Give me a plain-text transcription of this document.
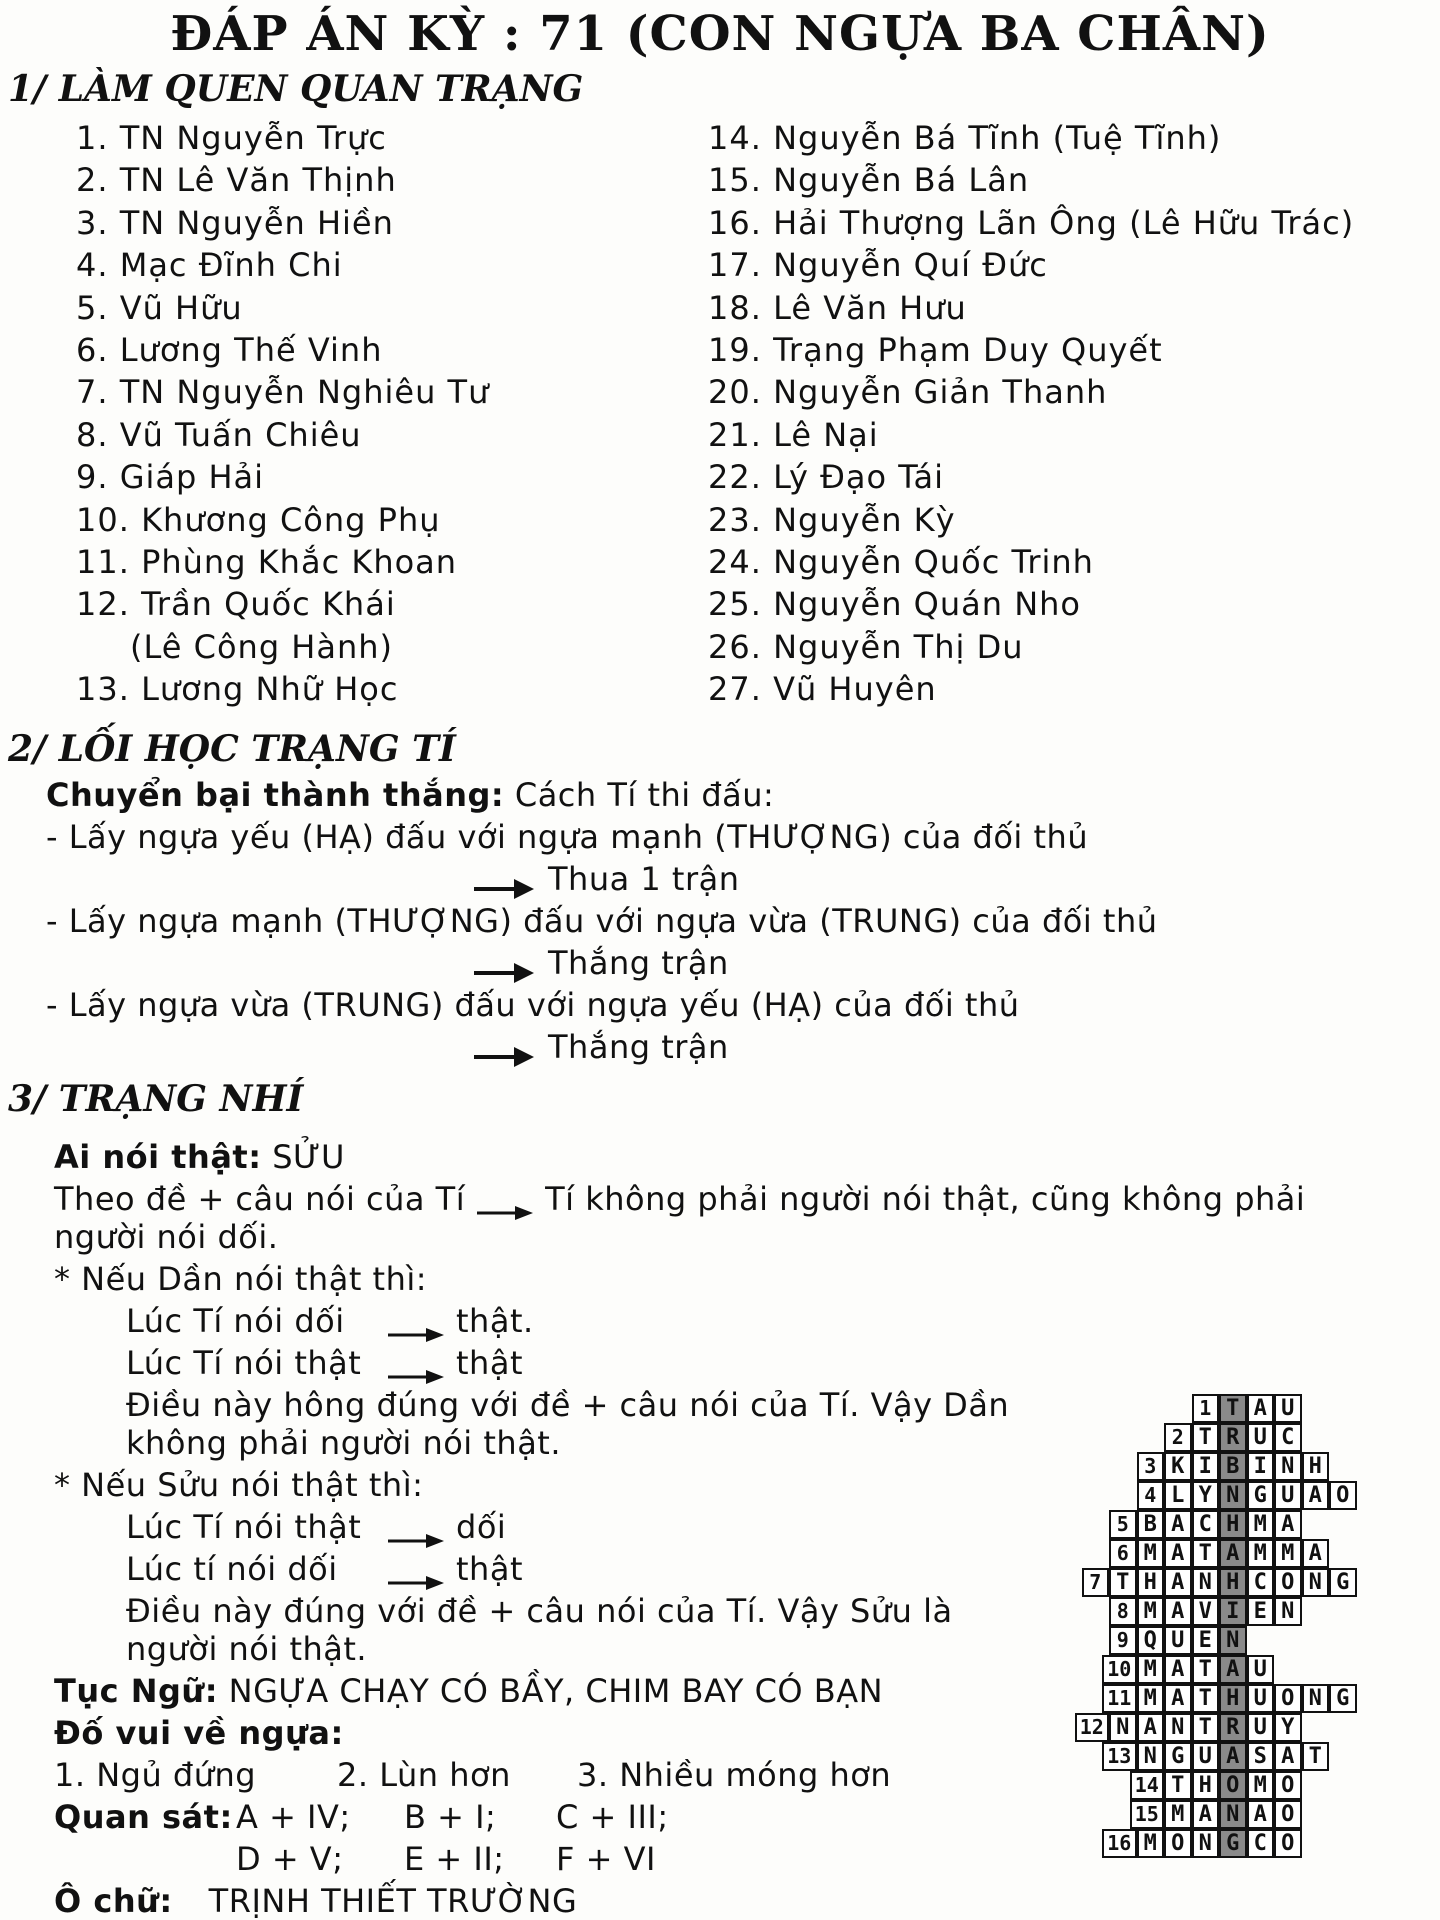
ĐÁP ÁN KỲ : 71 (CON NGỰA BA CHÂN)
1/ LÀM QUEN QUAN TRẠNG
1. TN Nguyễn Trực
2. TN Lê Văn Thịnh
3. TN Nguyễn Hiền
4. Mạc Đĩnh Chi
5. Vũ Hữu
6. Lương Thế Vinh
7. TN Nguyễn Nghiêu Tư
8. Vũ Tuấn Chiêu
9. Giáp Hải
10. Khương Công Phụ
11. Phùng Khắc Khoan
12. Trần Quốc Khái
(Lê Công Hành)
13. Lương Nhữ Học
14. Nguyễn Bá Tĩnh (Tuệ Tĩnh)
15. Nguyễn Bá Lân
16. Hải Thượng Lãn Ông (Lê Hữu Trác)
17. Nguyễn Quí Đức
18. Lê Văn Hưu
19. Trạng Phạm Duy Quyết
20. Nguyễn Giản Thanh
21. Lê Nại
22. Lý Đạo Tái
23. Nguyễn Kỳ
24. Nguyễn Quốc Trinh
25. Nguyễn Quán Nho
26. Nguyễn Thị Du
27. Vũ Huyên
2/ LỐI HỌC TRẠNG TÍ
Chuyển bại thành thắng: Cách Tí thi đấu:
- Lấy ngựa yếu (HẠ) đấu với ngựa mạnh (THƯỢNG) của đối thủ
Thua 1 trận
- Lấy ngựa mạnh (THƯỢNG) đấu với ngựa vừa (TRUNG) của đối thủ
Thắng trận
- Lấy ngựa vừa (TRUNG) đấu với ngựa yếu (HẠ) của đối thủ
Thắng trận
3/ TRẠNG NHÍ
Ai nói thật: SỬU
Theo đề + câu nói của Tí	Tí không phải người nói thật, cũng không phải
người nói dối.
* Nếu Dần nói thật thì:
Lúc Tí nói dối	thật.
Lúc Tí nói thật	thật
Điều này hông đúng với đề + câu nói của Tí. Vậy Dần
không phải người nói thật.
* Nếu Sửu nói thật thì:
Lúc Tí nói thật	dối
Lúc tí nói dối	thật
Điều này đúng với đề + câu nói của Tí. Vậy Sửu là
người nói thật.
Tục Ngữ: NGỰA CHẠY CÓ BẦY, CHIM BAY CÓ BẠN
Đố vui về ngựa:
1. Ngủ đứng	2. Lùn hơn 3. Nhiều móng hơn
Quan sát: A + IV; B + I; C + III;
D + V; E + II; F + VI
Ô chữ: TRỊNH THIẾT TRƯỜNG
1 T A U
2 T R U C
3 K I B I N H
4 L Y N G U A O
5 B A C H M A
6 M A T A M M A
7 T H A N H C O N G
8 M A V I E N
9 Q U E N
10 M A T A U
11 M A T H U O N G
12 N A N T R U Y
13 N G U A S A T
14 T H O M O
15 M A N A O
16 M O N G C O
